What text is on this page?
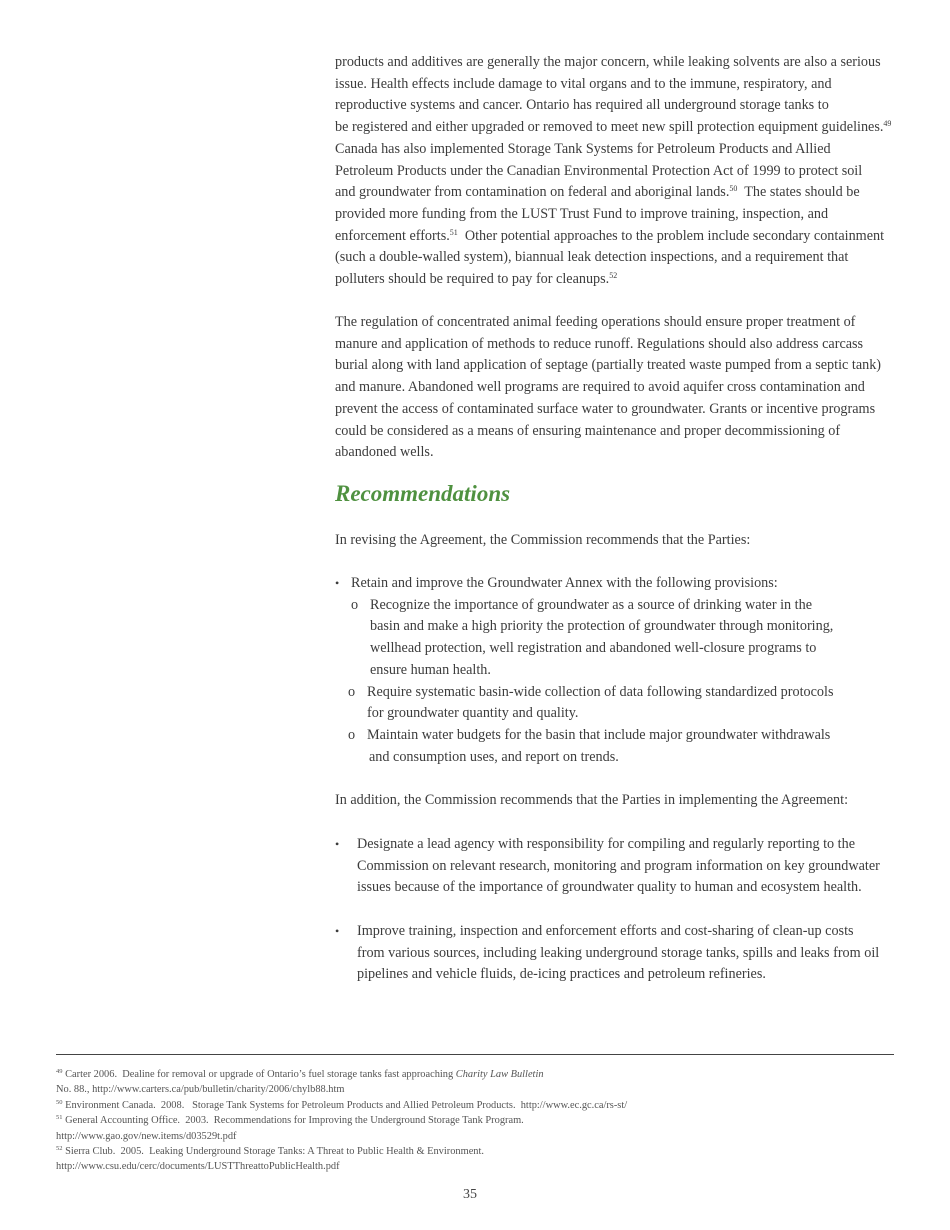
products and additives are generally the major concern, while leaking solvents are also a serious
issue. Health effects include damage to vital organs and to the immune, respiratory, and
reproductive systems and cancer. Ontario has required all underground storage tanks to
be registered and either upgraded or removed to meet new spill protection equipment guidelines.$^{49}$
Canada has also implemented Storage Tank Systems for Petroleum Products and Allied
Petroleum Products under the Canadian Environmental Protection Act of 1999 to protect soil
and groundwater from contamination on federal and aboriginal lands.$^{50}$  The states should be
provided more funding from the LUST Trust Fund to improve training, inspection, and
enforcement efforts.$^{51}$  Other potential approaches to the problem include secondary containment
(such a double-walled system), biannual leak detection inspections, and a requirement that
polluters should be required to pay for cleanups.$^{52}$
The regulation of concentrated animal feeding operations should ensure proper treatment of
manure and application of methods to reduce runoff. Regulations should also address carcass
burial along with land application of septage (partially treated waste pumped from a septic tank)
and manure. Abandoned well programs are required to avoid aquifer cross contamination and
prevent the access of contaminated surface water to groundwater. Grants or incentive programs
could be considered as a means of ensuring maintenance and proper decommissioning of
abandoned wells.
Recommendations
In revising the Agreement, the Commission recommends that the Parties:
• Retain and improve the Groundwater Annex with the following provisions:
o Recognize the importance of groundwater as a source of drinking water in the
basin and make a high priority the protection of groundwater through monitoring,
wellhead protection, well registration and abandoned well-closure programs to
ensure human health.
o Require systematic basin-wide collection of data following standardized protocols
for groundwater quantity and quality.
o Maintain water budgets for the basin that include major groundwater withdrawals
and consumption uses, and report on trends.
In addition, the Commission recommends that the Parties in implementing the Agreement:
• Designate a lead agency with responsibility for compiling and regularly reporting to the
Commission on relevant research, monitoring and program information on key groundwater
issues because of the importance of groundwater quality to human and ecosystem health.
• Improve training, inspection and enforcement efforts and cost-sharing of clean-up costs
from various sources, including leaking underground storage tanks, spills and leaks from oil
pipelines and vehicle fluids, de-icing practices and petroleum refineries.
$^{49}$ Carter 2006.  Dealine for removal or upgrade of Ontario’s fuel storage tanks fast approaching Charity Law Bulletin
No. 88., http://www.carters.ca/pub/bulletin/charity/2006/chylb88.htm
$^{50}$ Environment Canada.  2008.   Storage Tank Systems for Petroleum Products and Allied Petroleum Products.  http://www.ec.gc.ca/rs-st/
$^{51}$ General Accounting Office.  2003.  Recommendations for Improving the Underground Storage Tank Program.
http://www.gao.gov/new.items/d03529t.pdf
$^{52}$ Sierra Club.  2005.  Leaking Underground Storage Tanks: A Threat to Public Health & Environment.
http://www.csu.edu/cerc/documents/LUSTThreattoPublicHealth.pdf
35
